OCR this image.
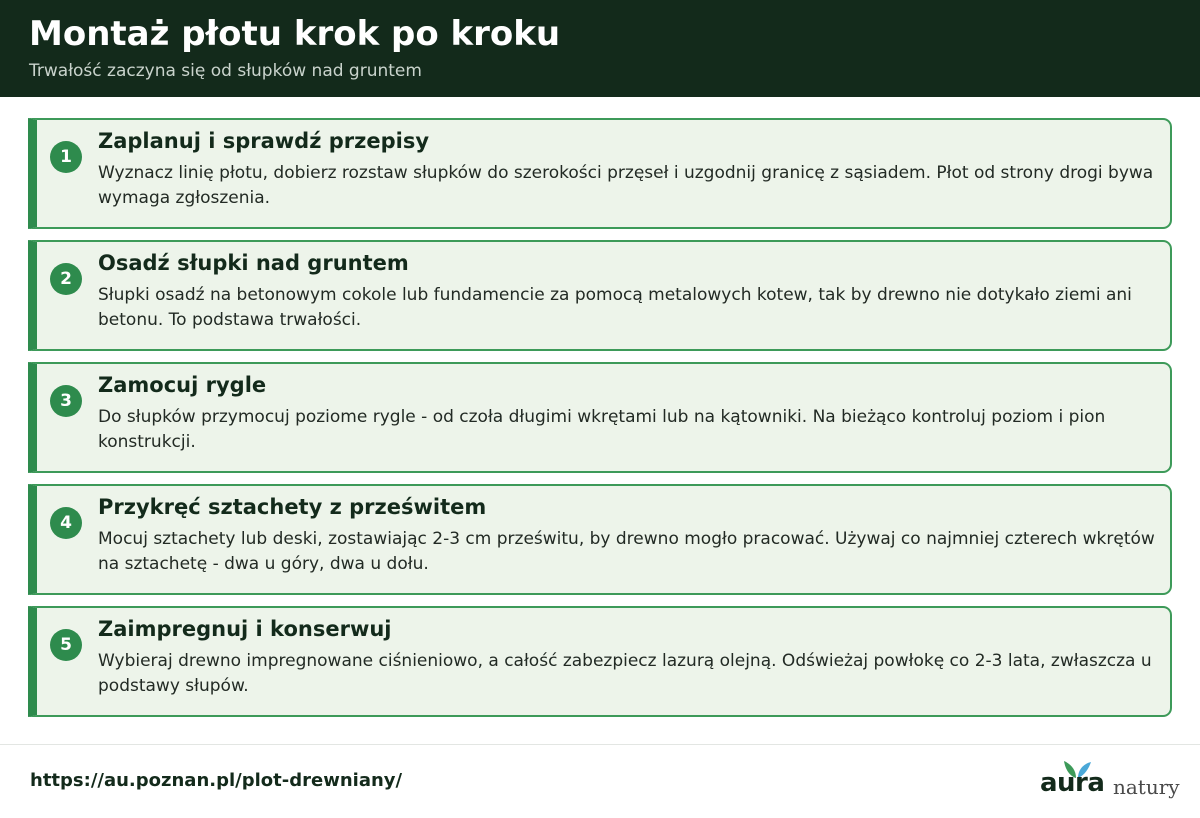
Montaż płotu krok po kroku
Trwałość zaczyna się od słupków nad gruntem
1
Zaplanuj i sprawdź przepisy
Wyznacz linię płotu, dobierz rozstaw słupków do szerokości przęseł i uzgodnij granicę z sąsiadem. Płot od strony drogi bywa wymaga zgłoszenia.
2
Osadź słupki nad gruntem
Słupki osadź na betonowym cokole lub fundamencie za pomocą metalowych kotew, tak by drewno nie dotykało ziemi ani betonu. To podstawa trwałości.
3
Zamocuj rygle
Do słupków przymocuj poziome rygle - od czoła długimi wkrętami lub na kątowniki. Na bieżąco kontroluj poziom i pion konstrukcji.
4
Przykręć sztachety z prześwitem
Mocuj sztachety lub deski, zostawiając 2-3 cm prześwitu, by drewno mogło pracować. Używaj co najmniej czterech wkrętów na sztachetę - dwa u góry, dwa u dołu.
5
Zaimpregnuj i konserwuj
Wybieraj drewno impregnowane ciśnieniowo, a całość zabezpiecz lazurą olejną. Odświeżaj powłokę co 2-3 lata, zwłaszcza u podstawy słupów.
https://au.poznan.pl/plot-drewniany/	aura natury
